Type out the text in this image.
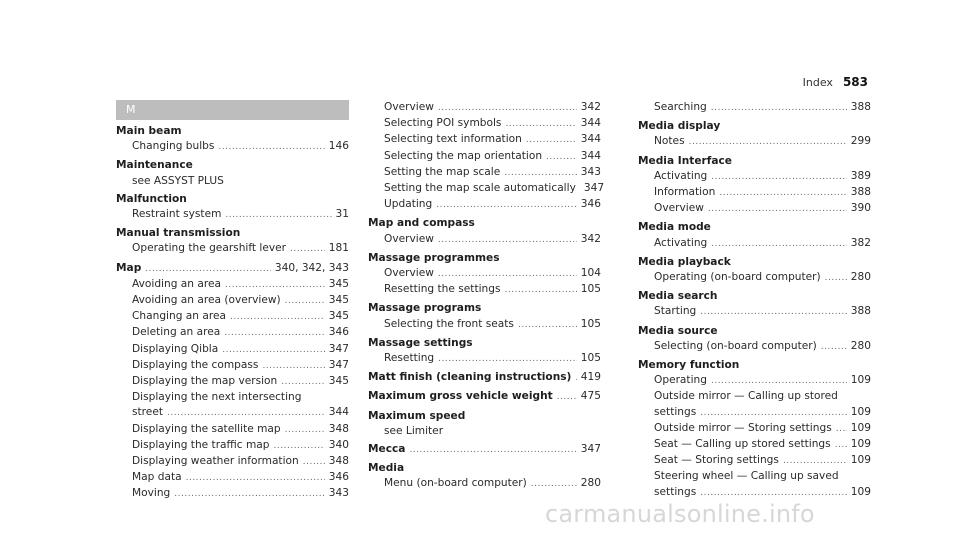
Index 583
M
Main beam
Changing bulbs .....	146
Maintenance
see ASSYST PLUS
Malfunction
Restraint system .....	31
Manual transmission
Operating the gearshift lever .....	181
Map .....	340, 342, 343
Avoiding an area .....	345
Avoiding an area (overview) .....	345
Changing an area .....	345
Deleting an area .....	346
Displaying Qibla .....	347
Displaying the compass .....	347
Displaying the map version .....	345
Displaying the next intersecting
street .....	344
Displaying the satellite map .....	348
Displaying the traffic map .....	340
Displaying weather information .....	348
Map data .....	346
Moving .....	343
Overview .....	342
Selecting POI symbols .....	344
Selecting text information .....	344
Selecting the map orientation .....	344
Setting the map scale .....	343
Setting the map scale automatically 347
Updating .....	346
Map and compass
Overview .....	342
Massage programmes
Overview .....	104
Resetting the settings .....	105
Massage programs
Selecting the front seats .....	105
Massage settings
Resetting .....	105
Matt finish (cleaning instructions) ..... 419
Maximum gross vehicle weight .....	475
Maximum speed
see Limiter
Mecca .....	347
Media
Menu (on-board computer) .....	280
Searching .....	388
Media display
Notes .....	299
Media Interface
Activating .....	389
Information .....	388
Overview .....	390
Media mode
Activating .....	382
Media playback
Operating (on-board computer) .....	280
Media search
Starting .....	388
Media source
Selecting (on-board computer) .....	280
Memory function
Operating .....	109
Outside mirror — Calling up stored
settings .....	109
Outside mirror — Storing settings ..... 109
Seat — Calling up stored settings ..... 109
Seat — Storing settings .....	109
Steering wheel — Calling up saved
settings .....	109
carmanualsonline.info
